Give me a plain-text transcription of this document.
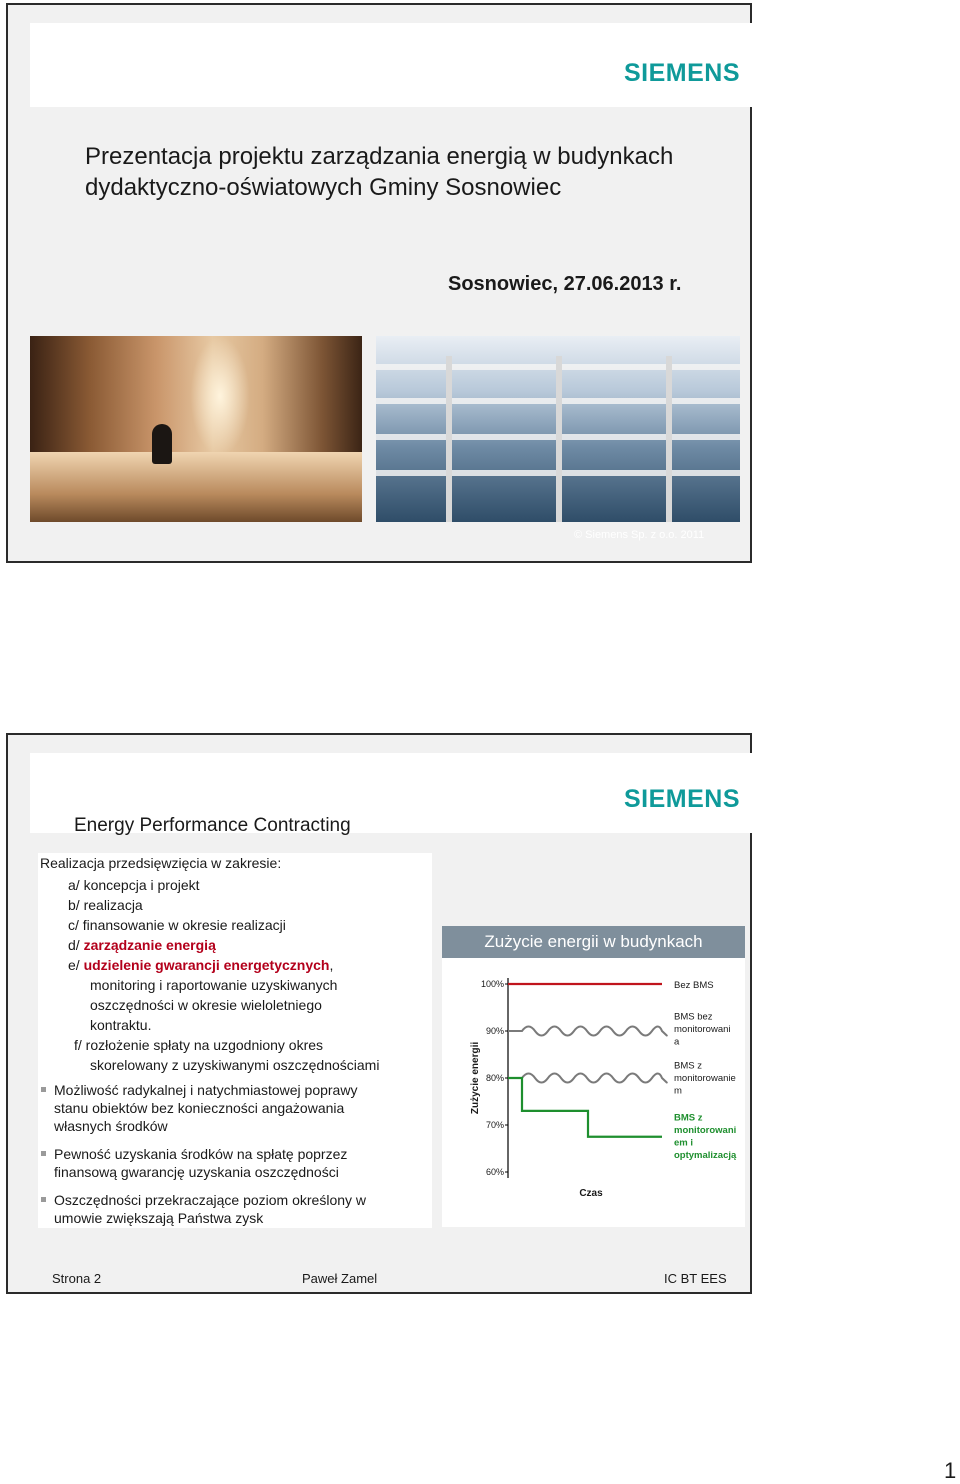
SIEMENS
Prezentacja projektu zarządzania energią w budynkach
dydaktyczno-oświatowych Gminy Sosnowiec
Sosnowiec, 27.06.2013 r.
© Siemens Sp. z o.o. 2011
SIEMENS
Energy Performance Contracting
Realizacja przedsięwzięcia w zakresie:
a/ koncepcja i projekt
b/ realizacja
c/ finansowanie w okresie realizacji
d/ zarządzanie energią
e/ udzielenie gwarancji energetycznych,
monitoring i raportowanie uzyskiwanych
oszczędności w okresie wieloletniego
kontraktu.
f/ rozłożenie spłaty na uzgodniony okres
skorelowany z uzyskiwanymi oszczędnościami
Możliwość radykalnej i natychmiastowej poprawy
stanu obiektów bez konieczności angażowania
własnych środków
Pewność uzyskania środków na spłatę poprzez
finansową gwarancję uzyskania oszczędności
Oszczędności przekraczające poziom określony w
umowie zwiększają Państwa zysk
Zużycie energii w budynkach
100%
90%
80%
70%
60%
Zużycie energii
Czas
Bez BMS
BMS bez
monitorowani
a
BMS z
monitorowanie
m
BMS z
monitorowani
em i
optymalizacją
Strona 2	Paweł Zamel	IC BT EES
1
